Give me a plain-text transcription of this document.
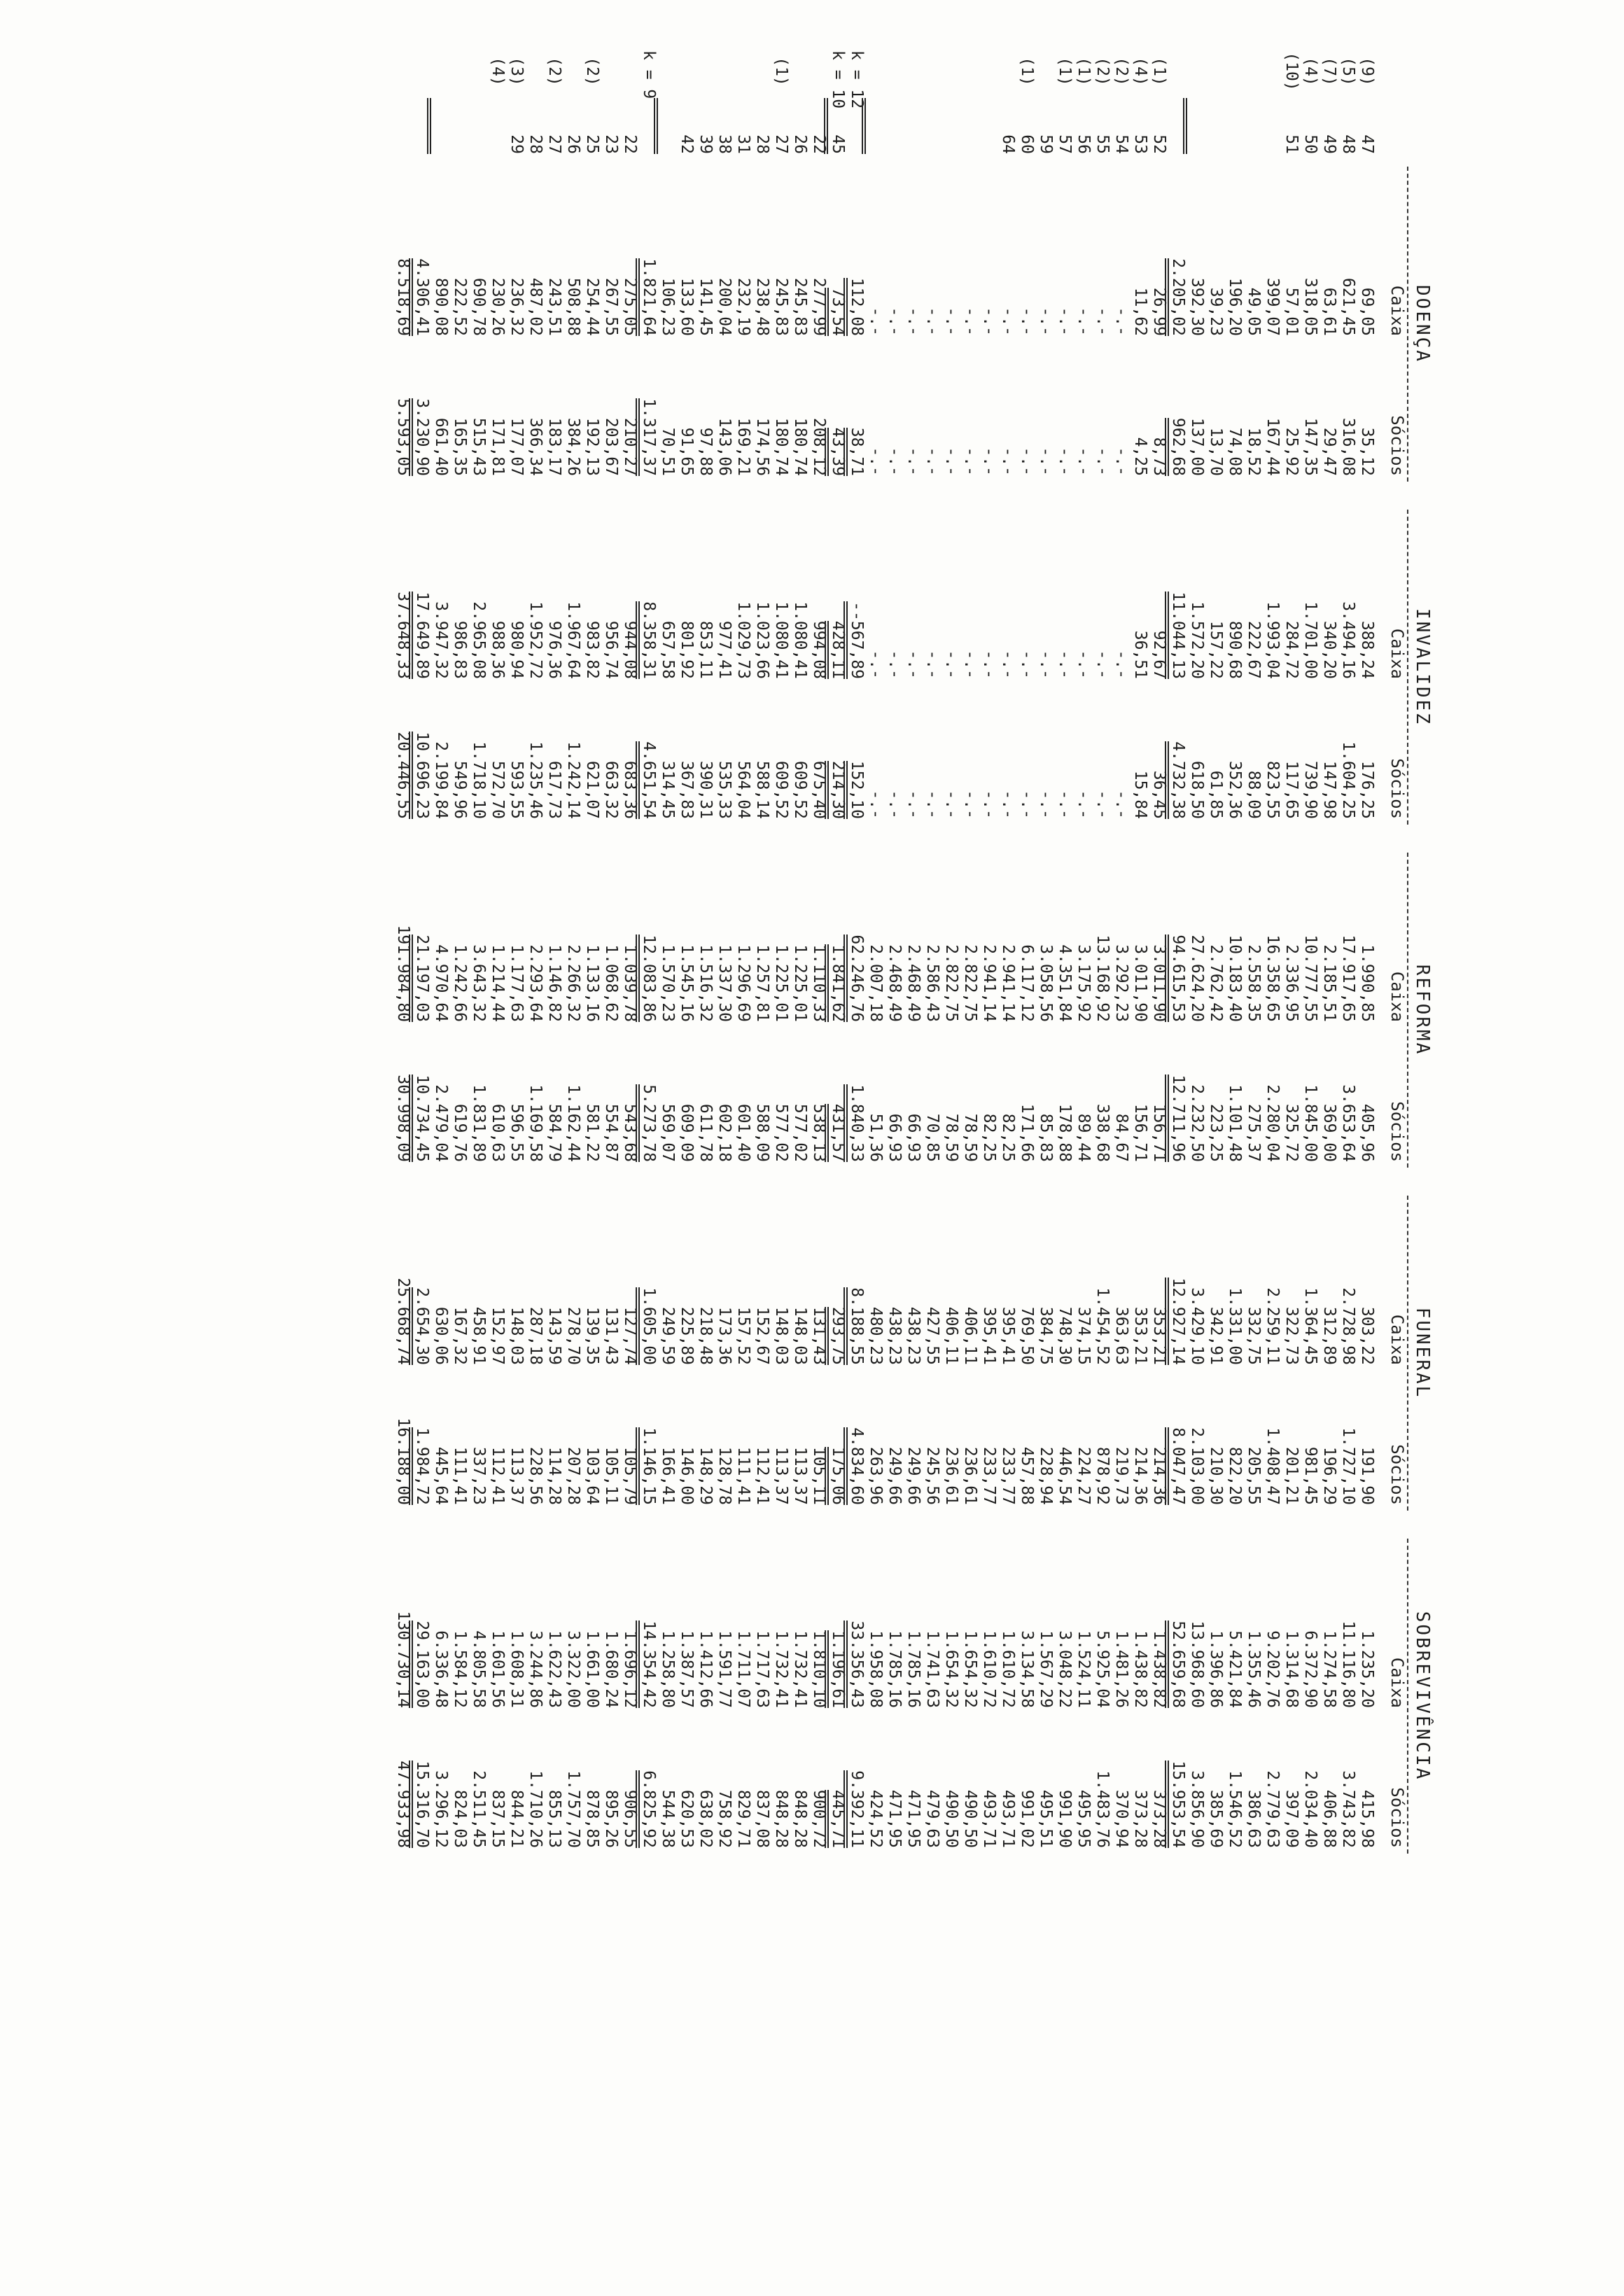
DOENÇA
INVALIDEZ
REFORMA
FUNERAL
SOBREVIVÊNCIA
Caixa
Sócios
Caixa
Sócios
Caixa
Sócios
Caixa
Sócios
Caixa
Sócios
(9)
47
69,05
35,12
388,24
176,25
1.990,85
405,96
303,22
191,90
1.235,20
415,98
(5)
48
621,45
316,08
3.494,16
1.604,25
17.917,65
3.653,64
2.728,98
1.727,10
11.116,80
3.743,82
(7)
49
63,61
29,47
340,20
147,98
2.185,51
369,00
312,89
196,29
1.274,58
406,88
(4)
50
318,05
147,35
1.701,00
739,90
10.777,55
1.845,00
1.364,45
981,45
6.372,90
2.034,40
(10)
51
57,01
25,92
284,72
117,65
2.336,95
325,72
322,73
201,21
1.314,68
397,09
399,07
167,44
1.993,04
823,55
16.358,65
2.280,04
2.259,11
1.408,47
9.202,76
2.779,63
49,05
18,52
222,67
88,09
2.558,35
275,37
332,75
205,55
1.355,46
386,63
196,20
74,08
890,68
352,36
10.183,40
1.101,48
1.331,00
822,20
5.421,84
1.546,52
39,23
13,70
157,22
61,85
2.762,42
223,25
342,91
210,30
1.396,86
385,69
392,30
137,00
1.572,20
618,50
27.624,20
2.232,50
3.429,10
2.103,00
13.968,60
3.856,90
2.205,02
962,68
11.044,13
4.732,38
94.615,53
12.711,96
12.927,14
8.047,47
52.659,68
15.953,54
(1)
52
26,99
8,73
92,67
36,45
3.011,90
156,71
353,21
214,36
1.438,82
373,28
(4)
53
11,62
4,25
36,51
15,84
3.011,90
156,71
353,21
214,36
1.438,82
373,28
(2)
54
-.-
-.-
-.-
-.-
3.292,23
84,67
363,63
219,73
1.481,26
370,94
(2)
55
-.-
-.-
-.-
-.-
13.168,92
338,68
1.454,52
878,92
5.925,04
1.483,76
(1)
56
-.-
-.-
-.-
-.-
3.175,92
89,44
374,15
224,27
1.524,11
495,95
(1)
57
-.-
-.-
-.-
-.-
4.351,84
178,88
748,30
446,54
3.048,22
991,90
59
-.-
-.-
-.-
-.-
3.058,56
85,83
384,75
228,94
1.567,29
495,51
(1)
60
-.-
-.-
-.-
-.-
6.117,12
171,66
769,50
457,88
3.134,58
991,02
64
-.-
-.-
-.-
-.-
2.941,14
82,25
395,41
233,77
1.610,72
493,71
-.-
-.-
-.-
-.-
2.941,14
82,25
395,41
233,77
1.610,72
493,71
-.-
-.-
-.-
-.-
2.822,75
78,59
406,11
236,61
1.654,32
490,50
-.-
-.-
-.-
-.-
2.822,75
78,59
406,11
236,61
1.654,32
490,50
-.-
-.-
-.-
-.-
2.586,43
70,85
427,55
245,56
1.741,63
479,63
-.-
-.-
-.-
-.-
2.468,49
66,93
438,23
249,66
1.785,16
471,95
-.-
-.-
-.-
-.-
2.468,49
66,93
438,23
249,66
1.785,16
471,95
-.-
-.-
-.-
-.-
2.007,18
51,36
480,23
263,96
1.958,08
424,52
k = 12
112,08
38,71
--567,89
152,10
62.246,76
1.840,33
8.188,55
4.834,60
33.356,43
9.392,11
k = 10
45
73,54
43,39
428,11
214,30
1.841,62
431,57
293,75
175,06
1.196,61
445,71
22
277,99
208,12
994,08
675,40
1.110,33
538,13
131,43
105,11
1.810,10
900,72
26
245,83
180,74
1.080,41
609,52
1.225,01
577,02
148,03
113,37
1.732,41
848,28
(1)
27
245,83
180,74
1.080,41
609,52
1.225,01
577,02
148,03
113,37
1.732,41
848,28
28
238,48
174,56
1.023,66
588,14
1.257,81
588,09
152,67
112,41
1.717,63
837,08
31
232,19
169,21
1.029,73
564,04
1.296,69
601,40
157,52
111,41
1.711,07
829,71
38
200,04
143,06
977,41
535,33
1.337,30
602,18
173,36
128,78
1.591,77
758,92
39
141,45
97,88
853,11
390,31
1.516,32
611,78
218,48
148,29
1.412,66
638,02
42
133,60
91,65
801,92
367,83
1.545,16
609,09
225,89
146,00
1.387,57
620,53
106,23
70,51
657,58
314,45
1.570,23
569,07
249,59
166,41
1.258,80
544,38
k = 9
1.821,64
1.317,37
8.358,31
4.651,54
12.083,86
5.273,78
1.605,00
1.146,15
14.354,42
6.825,92
22
275,05
210,27
944,08
683,36
1.039,78
543,68
127,74
105,79
1.696,12
906,55
23
267,55
203,67
956,74
663,32
1.068,62
554,87
131,43
105,11
1.680,24
895,26
(2)
25
254,44
192,13
983,82
621,07
1.133,16
581,22
139,35
103,64
1.661,00
878,85
26
508,88
384,26
1.967,64
1.242,14
2.266,32
1.162,44
278,70
207,28
3.322,00
1.757,70
(2)
27
243,51
183,17
976,36
617,73
1.146,82
584,79
143,59
114,28
1.622,43
855,13
28
487,02
366,34
1.952,72
1.235,46
2.293,64
1.169,58
287,18
228,56
3.244,86
1.710,26
(3)
29
236,32
177,07
980,94
593,55
1.177,63
596,55
148,03
113,37
1.608,31
844,21
(4)
230,26
171,81
988,36
572,70
1.214,44
610,63
152,97
112,41
1.601,56
837,15
690,78
515,43
2.965,08
1.718,10
3.643,32
1.831,89
458,91
337,23
4.805,58
2.511,45
222,52
165,35
986,83
549,96
1.242,66
619,76
167,32
111,41
1.584,12
824,03
890,08
661,40
3.947,32
2.199,84
4.970,64
2.479,04
630,06
445,64
6.336,48
3.296,12
4.306,41
3.230,90
17.649,89
10.696,23
21.197,03
10.734,45
2.654,30
1.984,72
29.163,00
15.316,70
8.518,69
5.593,05
37.648,33
20.446,55
191.984,80
30.998,09
25.668,74
16.188,00
130.730,14
47.933,98
